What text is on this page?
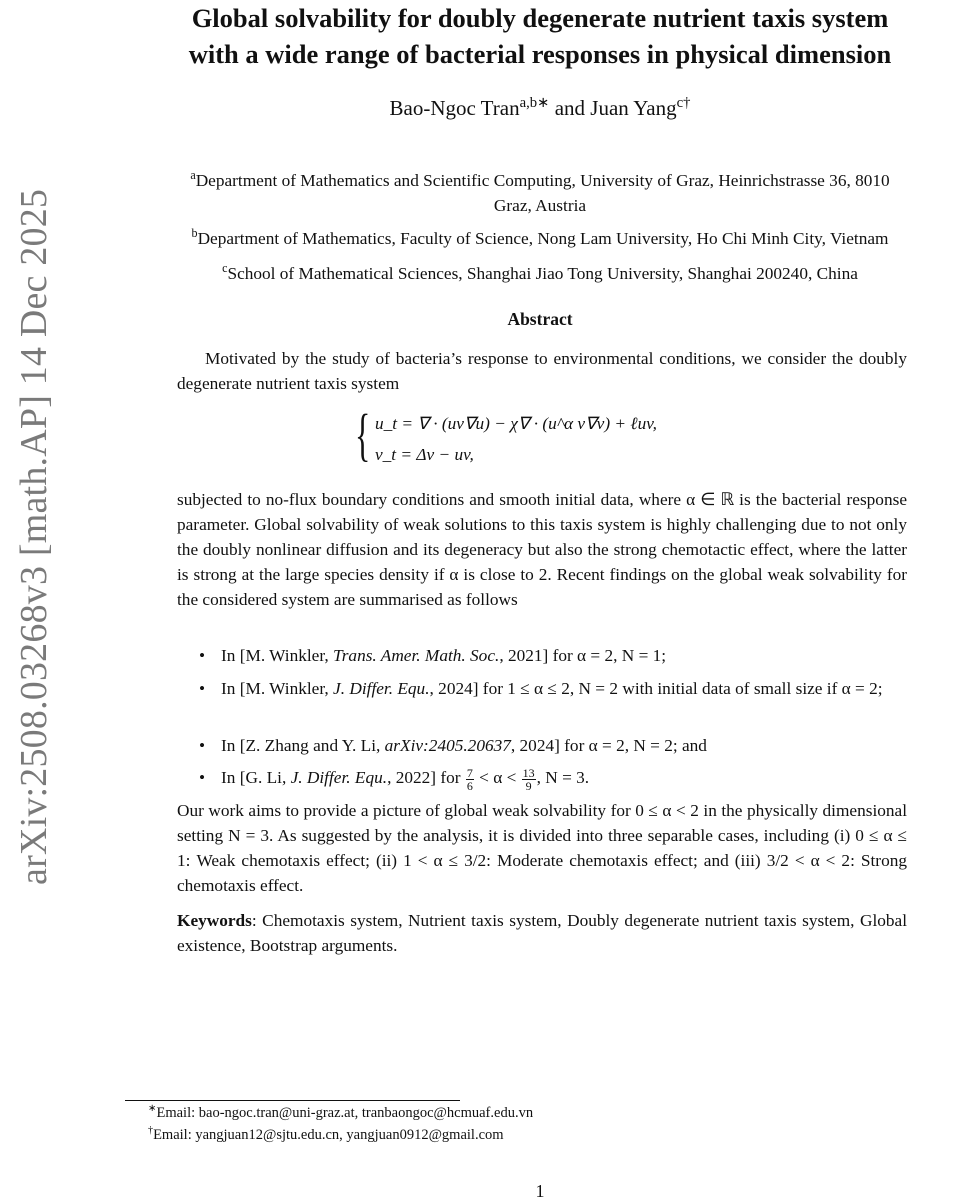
arXiv:2508.03268v3 [math.AP] 14 Dec 2025
Global solvability for doubly degenerate nutrient taxis system
with a wide range of bacterial responses in physical dimension
Bao-Ngoc Tran$^{a,b∗}$ and Juan Yang$^{c\dagger}$
$^a$Department of Mathematics and Scientific Computing, University of Graz, Heinrichstrasse 36, 8010
Graz, Austria
$^b$Department of Mathematics, Faculty of Science, Nong Lam University, Ho Chi Minh City, Vietnam
$^c$School of Mathematical Sciences, Shanghai Jiao Tong University, Shanghai 200240, China
Abstract
Motivated by the study of bacteria’s response to environmental conditions, we consider the doubly degenerate nutrient taxis system
{ u_t = ∇ · (uv∇u) − χ∇ · (u^α v∇v) + ℓuv,
v_t = Δv − uv,
subjected to no-flux boundary conditions and smooth initial data, where α ∈ ℝ is the bacterial response parameter. Global solvability of weak solutions to this taxis system is highly challenging due to not only the doubly nonlinear diffusion and its degeneracy but also the strong chemotactic effect, where the latter is strong at the large species density if α is close to 2. Recent findings on the global weak solvability for the considered system are summarised as follows
• In [M. Winkler, Trans. Amer. Math. Soc., 2021] for α = 2, N = 1;
• In [M. Winkler, J. Differ. Equ., 2024] for 1 ≤ α ≤ 2, N = 2 with initial data of small size if α = 2;
• In [Z. Zhang and Y. Li, arXiv:2405.20637, 2024] for α = 2, N = 2; and
• In [G. Li, J. Differ. Equ., 2022] for $\frac{7}{6} < \alpha < \frac{13}{9}$ , N = 3.
Our work aims to provide a picture of global weak solvability for 0 ≤ α < 2 in the physically dimensional setting N = 3. As suggested by the analysis, it is divided into three separable cases, including (i) 0 ≤ α ≤ 1: Weak chemotaxis effect; (ii) 1 < α ≤ 3/2: Moderate chemotaxis effect; and (iii) 3/2 < α < 2: Strong chemotaxis effect.
Keywords: Chemotaxis system, Nutrient taxis system, Doubly degenerate nutrient taxis system, Global existence, Bootstrap arguments.
∗Email: bao-ngoc.tran@uni-graz.at, tranbaongoc@hcmuaf.edu.vn
†Email: yangjuan12@sjtu.edu.cn, yangjuan0912@gmail.com
1
